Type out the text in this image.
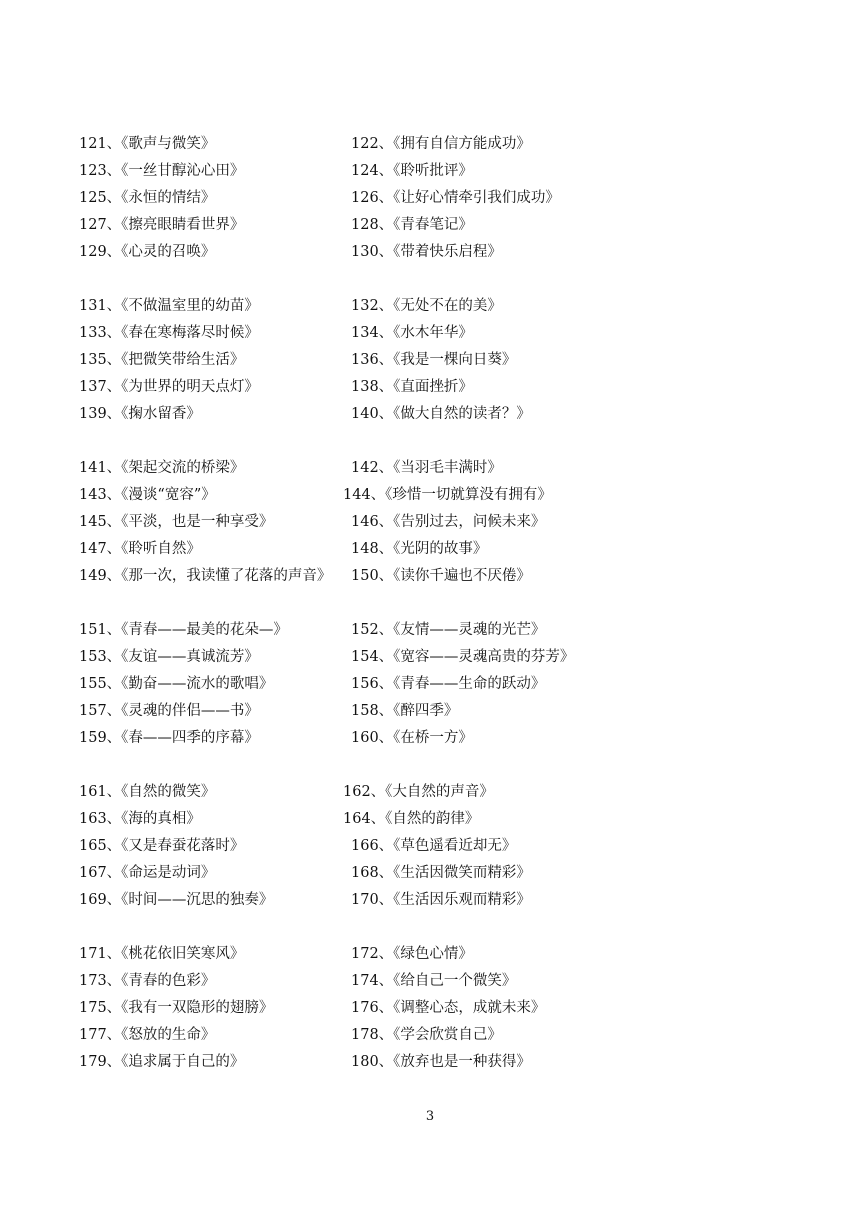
121、《歌声与微笑》	122、《拥有自信方能成功》
123、《一丝甘醇沁心田》	124、《聆听批评》
125、《永恒的情结》	126、《让好心情牵引我们成功》
127、《擦亮眼睛看世界》	128、《青春笔记》
129、《心灵的召唤》	130、《带着快乐启程》
131、《不做温室里的幼苗》	132、《无处不在的美》
133、《春在寒梅落尽时候》	134、《水木年华》
135、《把微笑带给生活》	136、《我是一棵向日葵》
137、《为世界的明天点灯》	138、《直面挫折》
139、《掬水留香》	140、《做大自然的读者？》
141、《架起交流的桥梁》	142、《当羽毛丰满时》
143、《漫谈“宽容”》	144、《珍惜一切就算没有拥有》
145、《平淡，也是一种享受》	146、《告别过去，问候未来》
147、《聆听自然》	148、《光阴的故事》
149、《那一次，我读懂了花落的声音》 150、《读你千遍也不厌倦》
151、《青春——最美的花朵—》	152、《友情——灵魂的光芒》
153、《友谊——真诚流芳》	154、《宽容——灵魂高贵的芬芳》
155、《勤奋——流水的歌唱》	156、《青春——生命的跃动》
157、《灵魂的伴侣——书》	158、《醉四季》
159、《春——四季的序幕》	160、《在桥一方》
161、《自然的微笑》	162、《大自然的声音》
163、《海的真相》	164、《自然的韵律》
165、《又是春蚕花落时》	166、《草色遥看近却无》
167、《命运是动词》	168、《生活因微笑而精彩》
169、《时间——沉思的独奏》	170、《生活因乐观而精彩》
171、《桃花依旧笑寒风》	172、《绿色心情》
173、《青春的色彩》	174、《给自己一个微笑》
175、《我有一双隐形的翅膀》	176、《调整心态，成就未来》
177、《怒放的生命》	178、《学会欣赏自己》
179、《追求属于自己的》	180、《放弃也是一种获得》
3
